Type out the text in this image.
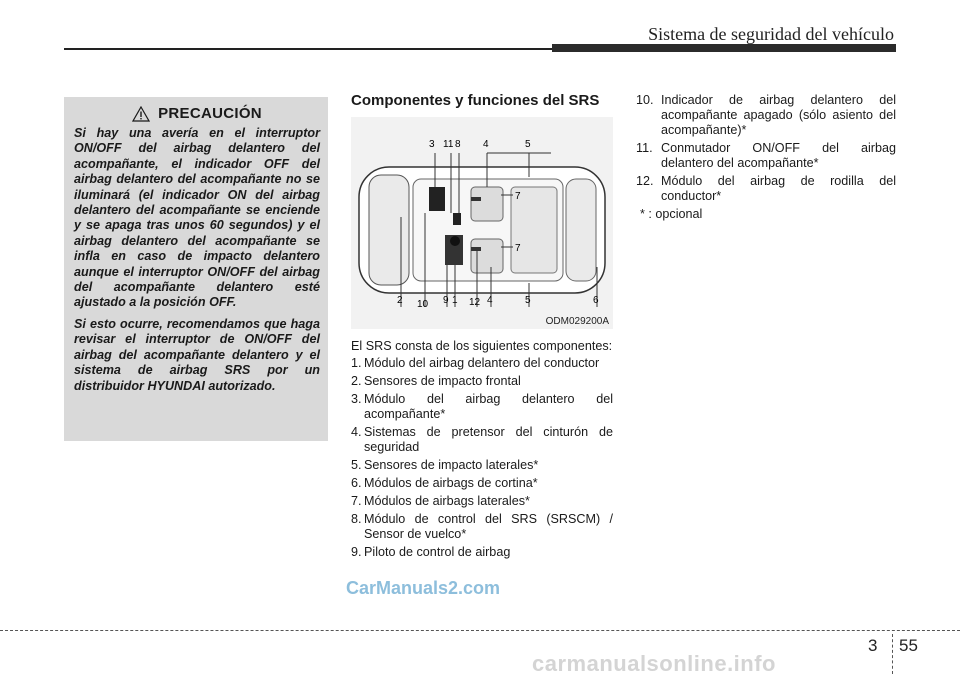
Sistema de seguridad del vehículo
PRECAUCIÓN

Si hay una avería en el interruptor ON/OFF del airbag delantero del acompañante, el indicador OFF del airbag delantero del acompañante no se iluminará (el indicador ON del airbag delantero del acompañante se enciende y se apaga tras unos 60 segundos) y el airbag delantero del acompañante se infla en caso de impacto delantero aunque el interruptor ON/OFF del airbag del acompañante delantero esté ajustado a la posición OFF.

Si esto ocurre, recomendamos que haga revisar el interruptor de ON/OFF del airbag del acompañante delantero y el sistema de airbag SRS por un distribuidor HYUNDAI autorizado.

Componentes y funciones del SRS
3 11 8 4	5
2 10 9 1 12 4	5	6
7
7
ODM029200A
El SRS consta de los siguientes componentes:
1. Módulo del airbag delantero del conductor
2. Sensores de impacto frontal
3. Módulo del airbag delantero del acompañante*
4. Sistemas de pretensor del cinturón de seguridad
5. Sensores de impacto laterales*
6. Módulos de airbags de cortina*
7. Módulos de airbags laterales*
8. Módulo de control del SRS (SRSCM) / Sensor de vuelco*
9. Piloto de control de airbag
10. Indicador de airbag delantero del acompañante apagado (sólo asiento del acompañante)*
11. Conmutador ON/OFF del airbag delantero del acompañante*
12. Módulo del airbag de rodilla del conductor*
* : opcional
CarManuals2.com
3 55
carmanualsonline.info
